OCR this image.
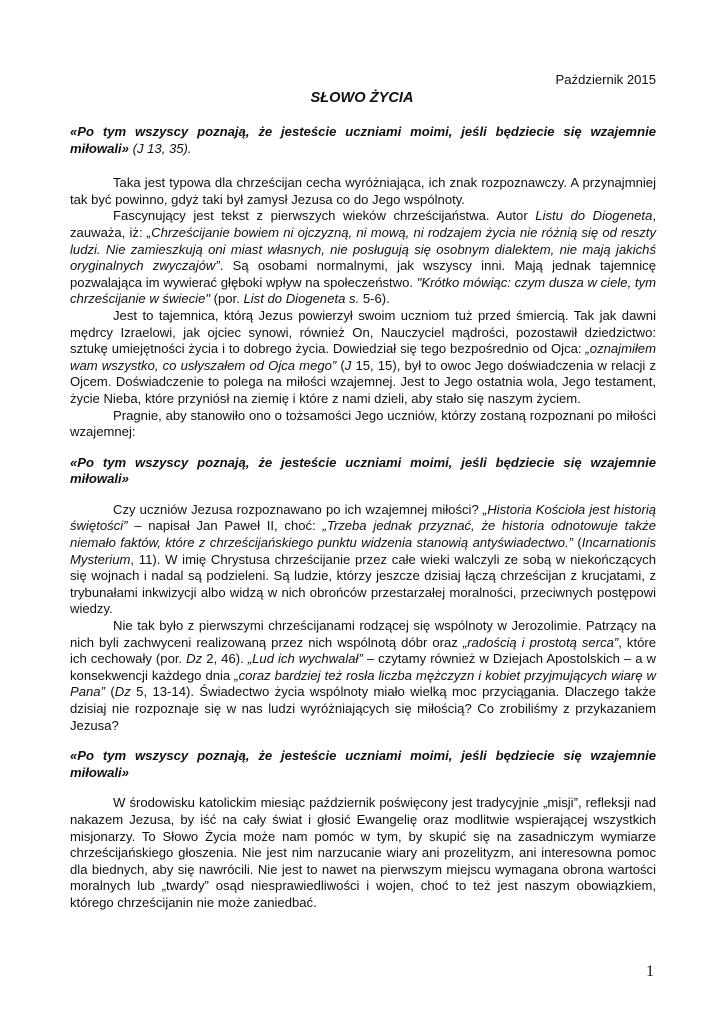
Październik 2015
SŁOWO ŻYCIA

«Po tym wszyscy poznają, że jesteście uczniami moimi, jeśli będziecie się wzajemnie miłowali» (J 13, 35).

Taka jest typowa dla chrześcijan cecha wyróżniająca, ich znak rozpoznawczy. A przynajmniej tak być powinno, gdyż taki był zamysł Jezusa co do Jego wspólnoty.

Fascynujący jest tekst z pierwszych wieków chrześcijaństwa. Autor Listu do Diogeneta, zauważa, iż: „Chrześcijanie bowiem ni ojczyzną, ni mową, ni rodzajem życia nie różnią się od reszty ludzi. Nie zamieszkują oni miast własnych, nie posługują się osobnym dialektem, nie mają jakichś oryginalnych zwyczajów”. Są osobami normalnymi, jak wszyscy inni. Mają jednak tajemnicę pozwalająca im wywierać głęboki wpływ na społeczeństwo. "Krótko mówiąc: czym dusza w ciele, tym chrześcijanie w świecie" (por. List do Diogeneta s. 5-6).

Jest to tajemnica, którą Jezus powierzył swoim uczniom tuż przed śmiercią. Tak jak dawni mędrcy Izraelowi, jak ojciec synowi, również On, Nauczyciel mądrości, pozostawił dziedzictwo: sztukę umiejętności życia i to dobrego życia. Dowiedział się tego bezpośrednio od Ojca: „oznajmiłem wam wszystko, co usłyszałem od Ojca mego” (J 15, 15), był to owoc Jego doświadczenia w relacji z Ojcem. Doświadczenie to polega na miłości wzajemnej. Jest to Jego ostatnia wola, Jego testament, życie Nieba, które przyniósł na ziemię i które z nami dzieli, aby stało się naszym życiem.

Pragnie, aby stanowiło ono o tożsamości Jego uczniów, którzy zostaną rozpoznani po miłości wzajemnej:

«Po tym wszyscy poznają, że jesteście uczniami moimi, jeśli będziecie się wzajemnie miłowali»

Czy uczniów Jezusa rozpoznawano po ich wzajemnej miłości? „Historia Kościoła jest historią świętości” – napisał Jan Paweł II, choć: „Trzeba jednak przyznać, że historia odnotowuje także niemało faktów, które z chrześcijańskiego punktu widzenia stanowią antyświadectwo.” (Incarnationis Mysterium, 11). W imię Chrystusa chrześcijanie przez całe wieki walczyli ze sobą w niekończących się wojnach i nadal są podzieleni. Są ludzie, którzy jeszcze dzisiaj łączą chrześcijan z krucjatami, z trybunałami inkwizycji albo widzą w nich obrońców przestarzałej moralności, przeciwnych postępowi wiedzy.

Nie tak było z pierwszymi chrześcijanami rodzącej się wspólnoty w Jerozolimie. Patrzący na nich byli zachwyceni realizowaną przez nich wspólnotą dóbr oraz „radością i prostotą serca”, które ich cechowały (por. Dz 2, 46). „Lud ich wychwalał” – czytamy również w Dziejach Apostolskich – a w konsekwencji każdego dnia „coraz bardziej też rosła liczba mężczyzn i kobiet przyjmujących wiarę w Pana” (Dz 5, 13-14). Świadectwo życia wspólnoty miało wielką moc przyciągania. Dlaczego także dzisiaj nie rozpoznaje się w nas ludzi wyróżniających się miłością? Co zrobiliśmy z przykazaniem Jezusa?

«Po tym wszyscy poznają, że jesteście uczniami moimi, jeśli będziecie się wzajemnie miłowali»

W środowisku katolickim miesiąc październik poświęcony jest tradycyjnie „misji”, refleksji nad nakazem Jezusa, by iść na cały świat i głosić Ewangelię oraz modlitwie wspierającej wszystkich misjonarzy. To Słowo Życia może nam pomóc w tym, by skupić się na zasadniczym wymiarze chrześcijańskiego głoszenia. Nie jest nim narzucanie wiary ani prozelityzm, ani interesowna pomoc dla biednych, aby się nawrócili. Nie jest to nawet na pierwszym miejscu wymagana obrona wartości moralnych lub „twardy” osąd niesprawiedliwości i wojen, choć to też jest naszym obowiązkiem, którego chrześcijanin nie może zaniedbać.

1
